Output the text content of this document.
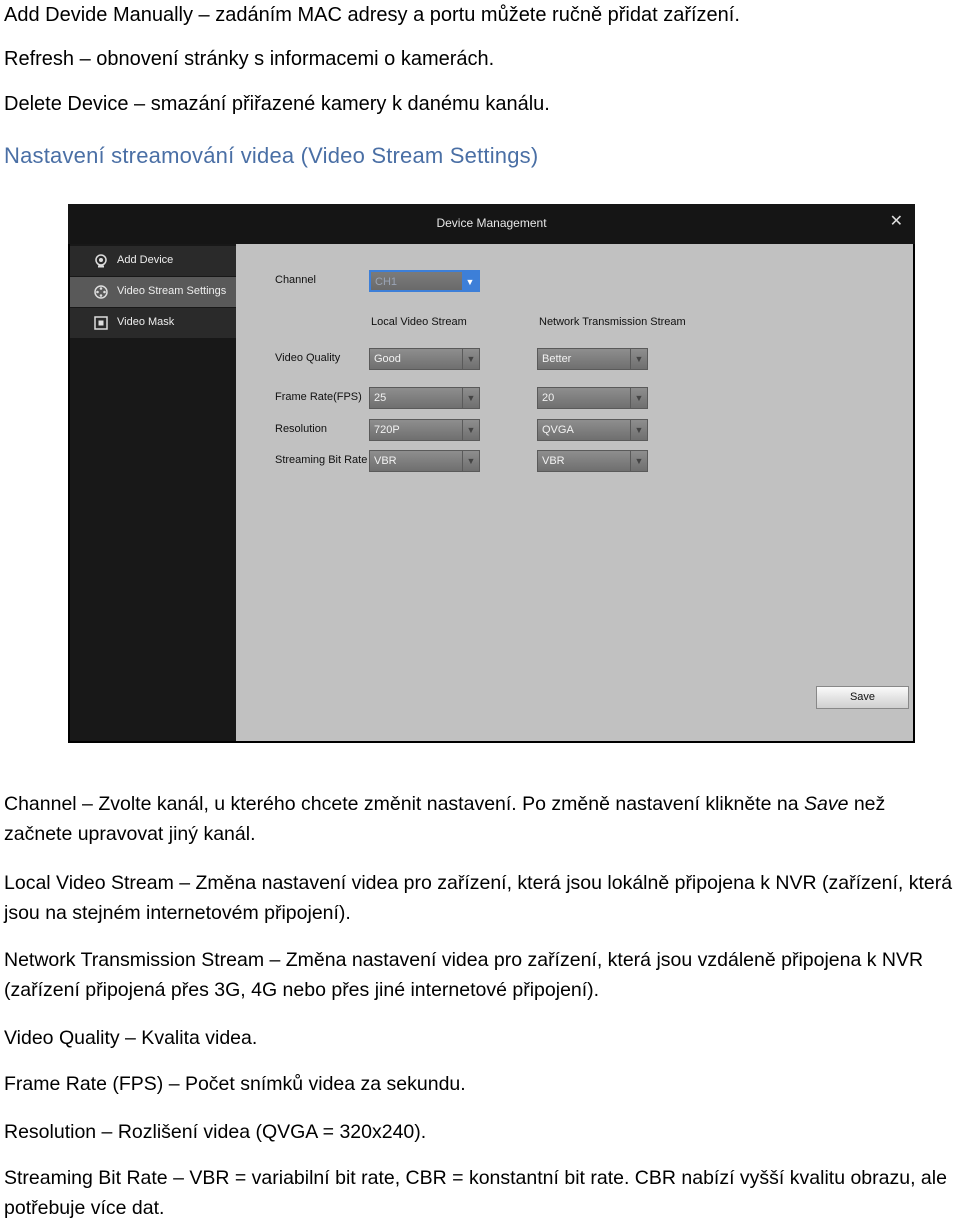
Add Devide Manually – zadáním MAC adresy a portu můžete ručně přidat zařízení.
Refresh – obnovení stránky s informacemi o kamerách.
Delete Device – smazání přiřazené kamery k danému kanálu.
Nastavení streamování videa (Video Stream Settings)
Device Management	✕
Add Device
Video Stream Settings
Video Mask
Channel	CH1	▼
Local Video Stream	Network Transmission Stream
Video Quality	Good	▼	Better	▼
Frame Rate(FPS) 25	▼	20	▼
Resolution	720P	▼	QVGA	▼
Streaming Bit Rate VBR	▼	VBR	▼
Save
Channel – Zvolte kanál, u kterého chcete změnit nastavení. Po změně nastavení klikněte na Save než začnete upravovat jiný kanál.
Local Video Stream – Změna nastavení videa pro zařízení, která jsou lokálně připojena k NVR (zařízení, která jsou na stejném internetovém připojení).
Network Transmission Stream – Změna nastavení videa pro zařízení, která jsou vzdáleně připojena k NVR (zařízení připojená přes 3G, 4G nebo přes jiné internetové připojení).
Video Quality – Kvalita videa.
Frame Rate (FPS) – Počet snímků videa za sekundu.
Resolution – Rozlišení videa (QVGA = 320x240).
Streaming Bit Rate – VBR = variabilní bit rate, CBR = konstantní bit rate. CBR nabízí vyšší kvalitu obrazu, ale potřebuje více dat.
